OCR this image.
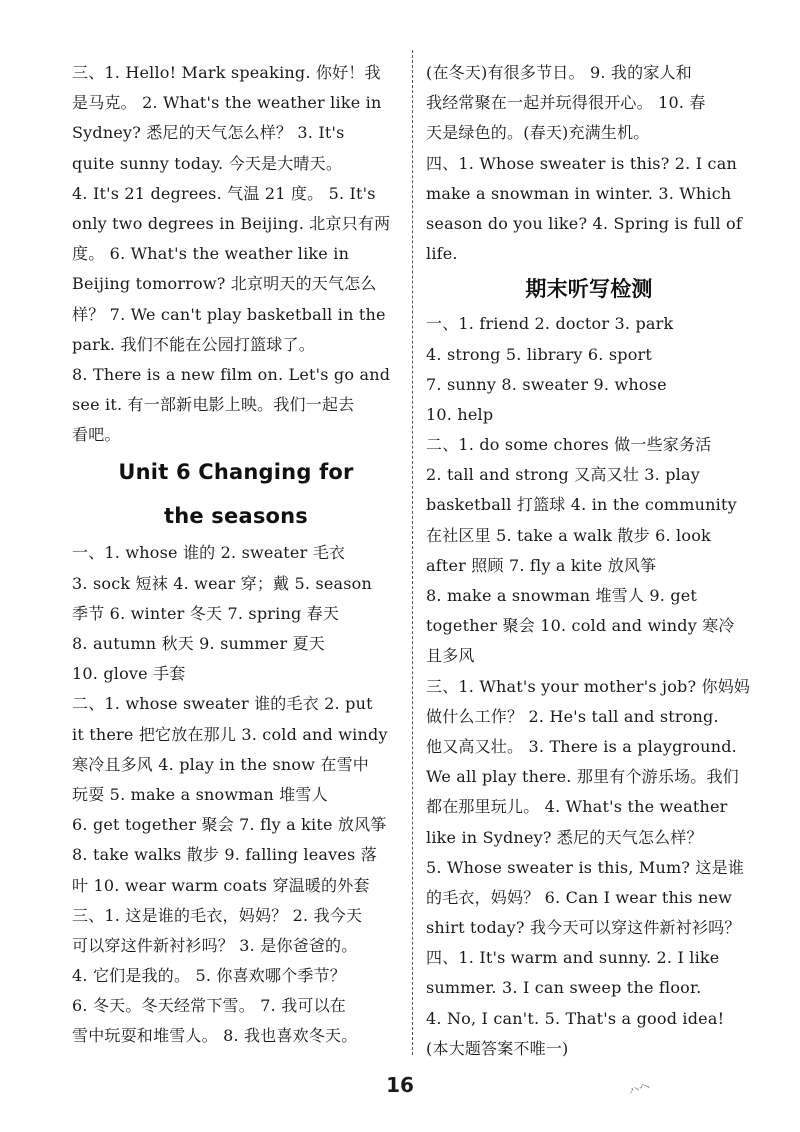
三、1. Hello! Mark speaking. 你好！我
是马克。 2. What's the weather like in
Sydney? 悉尼的天气怎么样？ 3. It's
quite sunny today. 今天是大晴天。
4. It's 21 degrees. 气温 21 度。 5. It's
only two degrees in Beijing. 北京只有两
度。 6. What's the weather like in
Beijing tomorrow? 北京明天的天气怎么
样？ 7. We can't play basketball in the
park. 我们不能在公园打篮球了。
8. There is a new film on. Let's go and
see it. 有一部新电影上映。我们一起去
看吧。
Unit 6 Changing for
the seasons
一、1. whose 谁的 2. sweater 毛衣
3. sock 短袜 4. wear 穿；戴 5. season
季节 6. winter 冬天 7. spring 春天
8. autumn 秋天 9. summer 夏天
10. glove 手套
二、1. whose sweater 谁的毛衣 2. put
it there 把它放在那儿 3. cold and windy
寒冷且多风 4. play in the snow 在雪中
玩耍 5. make a snowman 堆雪人
6. get together 聚会 7. fly a kite 放风筝
8. take walks 散步 9. falling leaves 落
叶 10. wear warm coats 穿温暖的外套
三、1. 这是谁的毛衣，妈妈？ 2. 我今天
可以穿这件新衬衫吗？ 3. 是你爸爸的。
4. 它们是我的。 5. 你喜欢哪个季节？
6. 冬天。冬天经常下雪。 7. 我可以在
雪中玩耍和堆雪人。 8. 我也喜欢冬天。
(在冬天)有很多节日。 9. 我的家人和
我经常聚在一起并玩得很开心。 10. 春
天是绿色的。(春天)充满生机。
四、1. Whose sweater is this? 2. I can
make a snowman in winter. 3. Which
season do you like? 4. Spring is full of
life.
期末听写检测
一、1. friend 2. doctor 3. park
4. strong 5. library 6. sport
7. sunny 8. sweater 9. whose
10. help
二、1. do some chores 做一些家务活
2. tall and strong 又高又壮 3. play
basketball 打篮球 4. in the community
在社区里 5. take a walk 散步 6. look
after 照顾 7. fly a kite 放风筝
8. make a snowman 堆雪人 9. get
together 聚会 10. cold and windy 寒冷
且多风
三、1. What's your mother's job? 你妈妈
做什么工作？ 2. He's tall and strong.
他又高又壮。 3. There is a playground.
We all play there. 那里有个游乐场。我们
都在那里玩儿。 4. What's the weather
like in Sydney? 悉尼的天气怎么样？
5. Whose sweater is this, Mum? 这是谁
的毛衣，妈妈？ 6. Can I wear this new
shirt today? 我今天可以穿这件新衬衫吗？
四、1. It's warm and sunny. 2. I like
summer. 3. I can sweep the floor.
4. No, I can't. 5. That's a good idea!
(本大题答案不唯一)
16	ハヘ
